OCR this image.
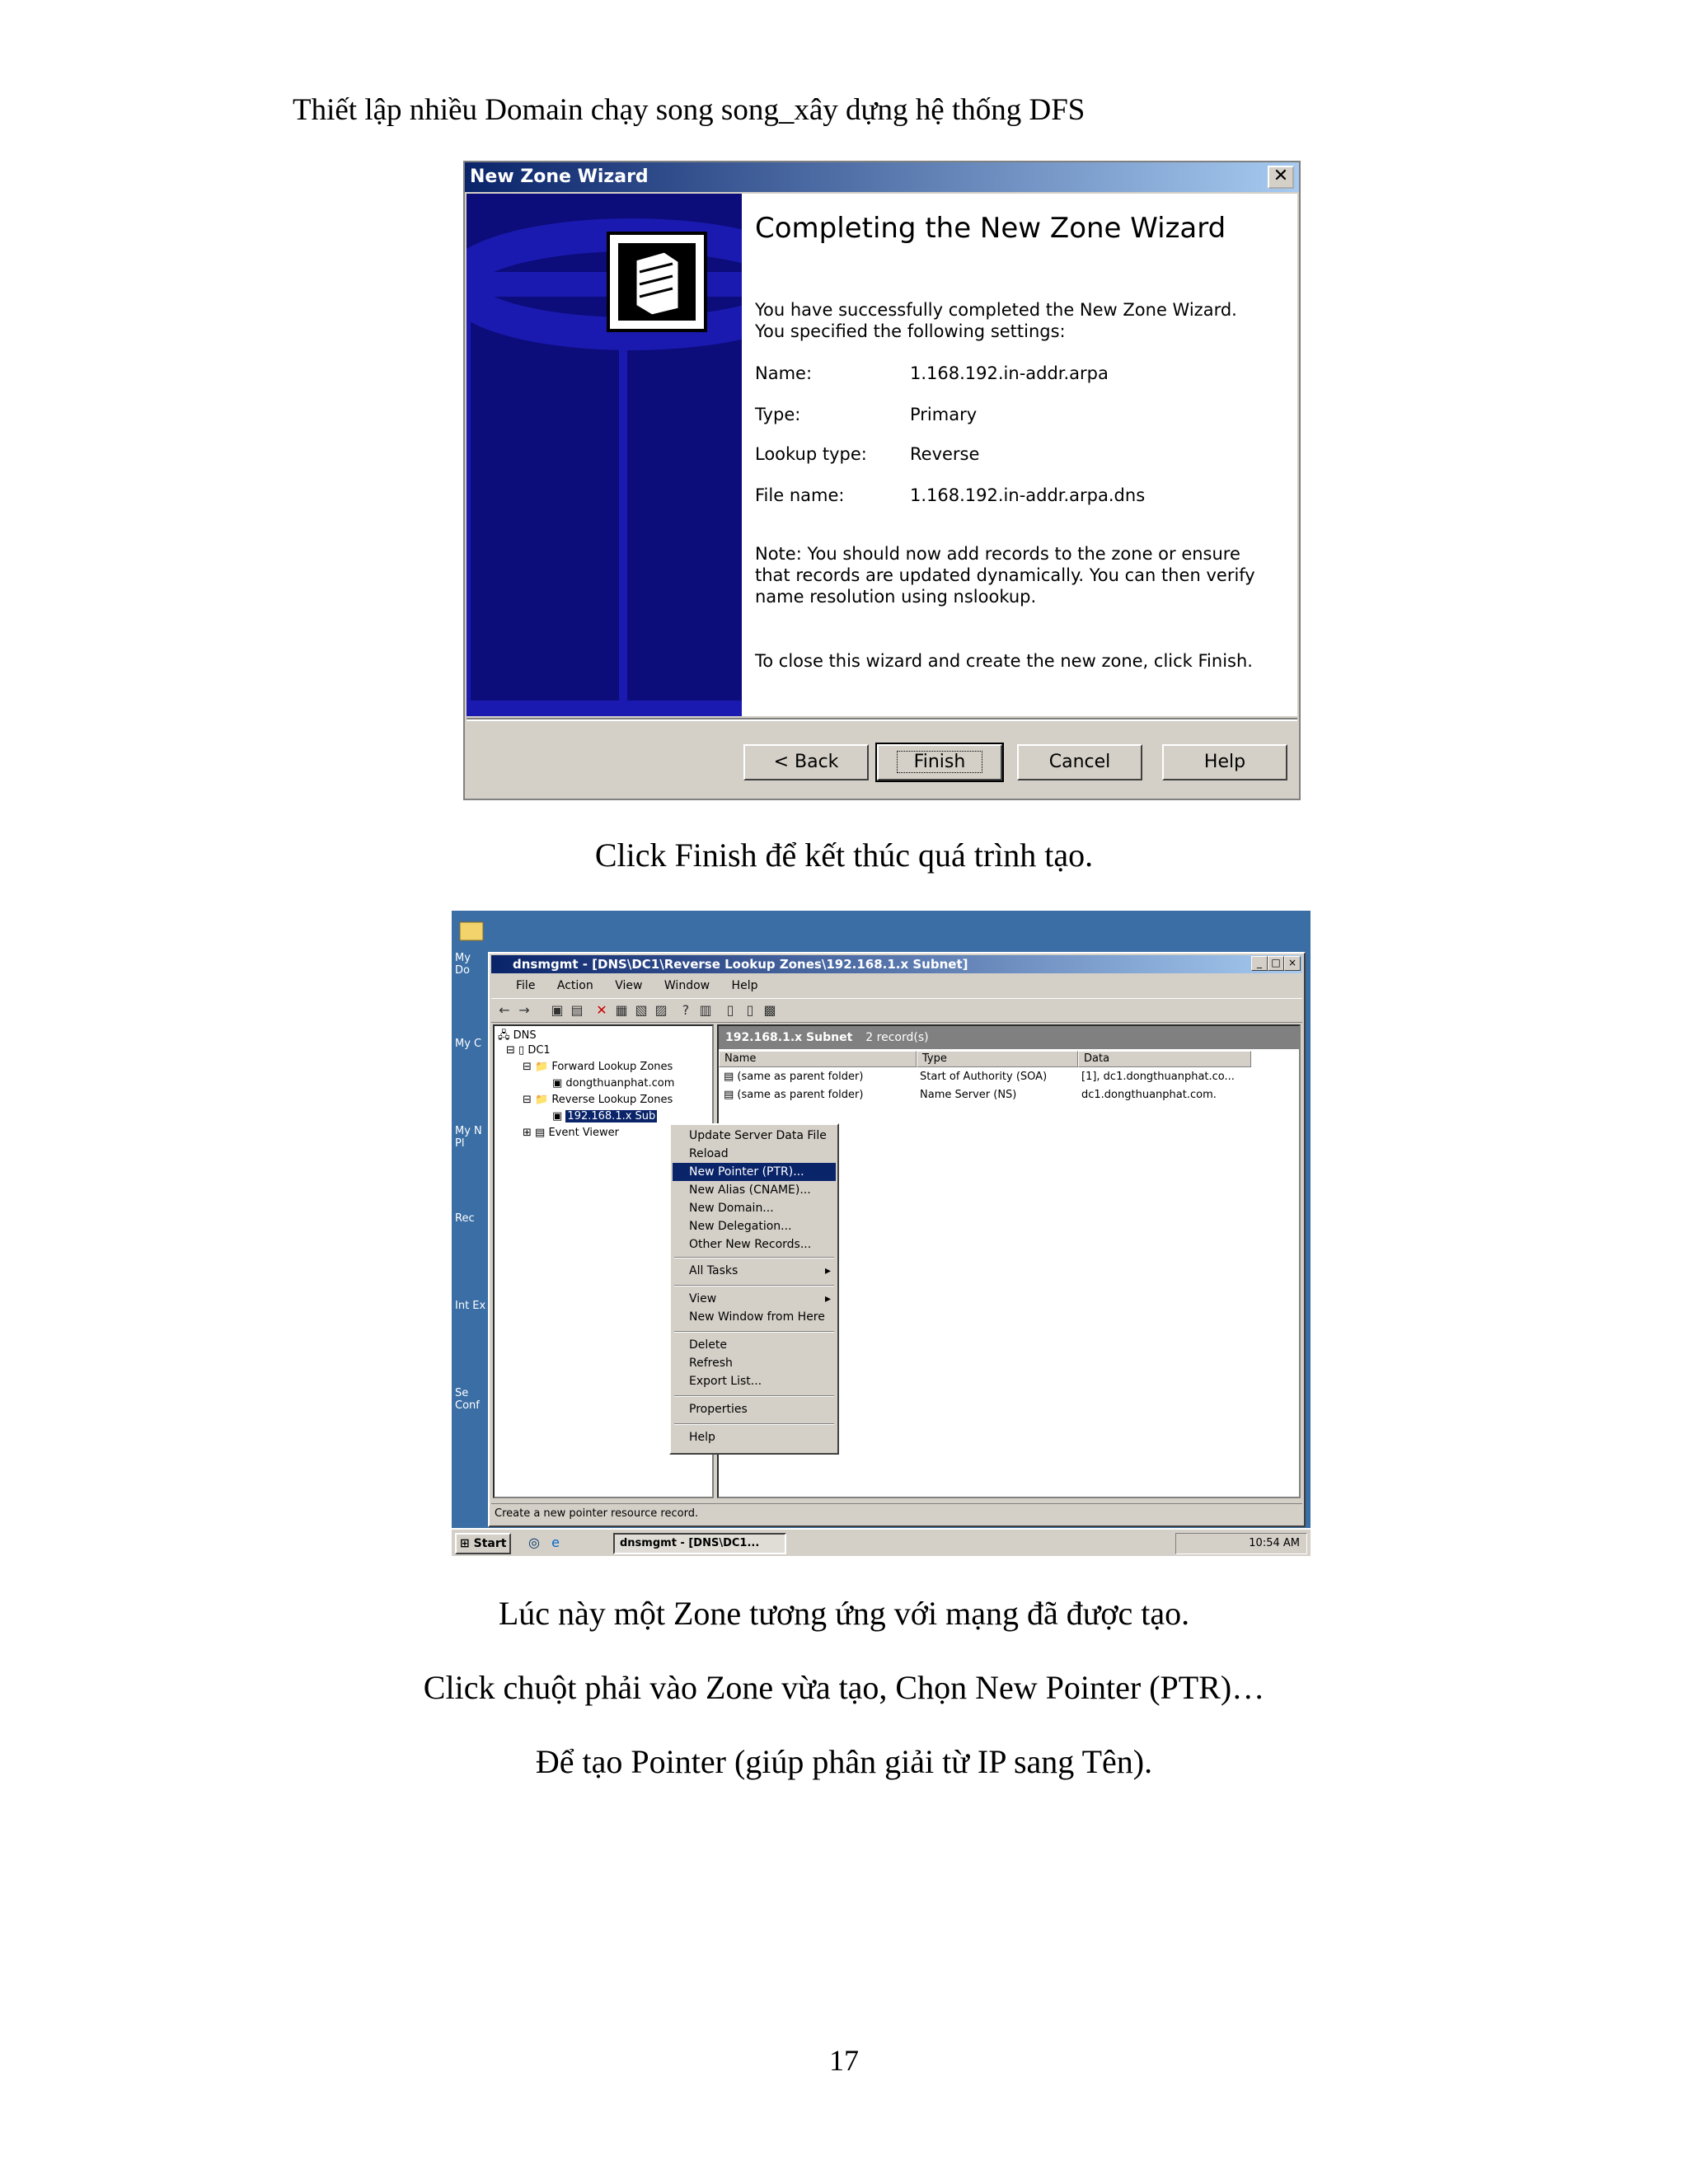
Thiết lập nhiều Domain chạy song song_xây dựng hệ thống DFS
New Zone Wizard	✕
Completing the New Zone Wizard
You have successfully completed the New Zone Wizard. You specified the following settings:
Name:	1.168.192.in-addr.arpa
Type:	Primary
Lookup type: Reverse
File name:	1.168.192.in-addr.arpa.dns
Note: You should now add records to the zone or ensure that records are updated dynamically. You can then verify name resolution using nslookup.
To close this wizard and create the new zone, click Finish.
< Back	Finish	Cancel	Help
Click Finish để kết thúc quá trình tạo.
My Do
My C
My N Pl
Rec
Int Ex
Se Conf
dnsmgmt - [DNS\DC1\Reverse Lookup Zones\192.168.1.x Subnet]	_ □ ×
File Action View Window Help
← → ▣ ▤ ✕ ▦ ▧ ▨	? ▥	▯ ▯ ▩
🖧 DNS
⊟ ▯ DC1
⊟ 📁 Forward Lookup Zones
▣ dongthuanphat.com
⊟ 📁 Reverse Lookup Zones
▣ 192.168.1.x Sub
⊞ ▤ Event Viewer
192.168.1.x Subnet 2 record(s)
Name	Type	Data
▤ (same as parent folder)	Start of Authority (SOA)	[1], dc1.dongthuanphat.co...
▤ (same as parent folder)	Name Server (NS)	dc1.dongthuanphat.com.
Create a new pointer resource record.
⊞ Start	◎ e	dnsmgmt - [DNS\DC1...	10:54 AM
Update Server Data File
Reload
New Pointer (PTR)...
New Alias (CNAME)...
New Domain...
New Delegation...
Other New Records...
All Tasks	▸
View	▸
New Window from Here
Delete
Refresh
Export List...
Properties
Help
Lúc này một Zone tương ứng với mạng đã được tạo.
Click chuột phải vào Zone vừa tạo, Chọn New Pointer (PTR)…
Để tạo Pointer (giúp phân giải từ IP sang Tên).
17
